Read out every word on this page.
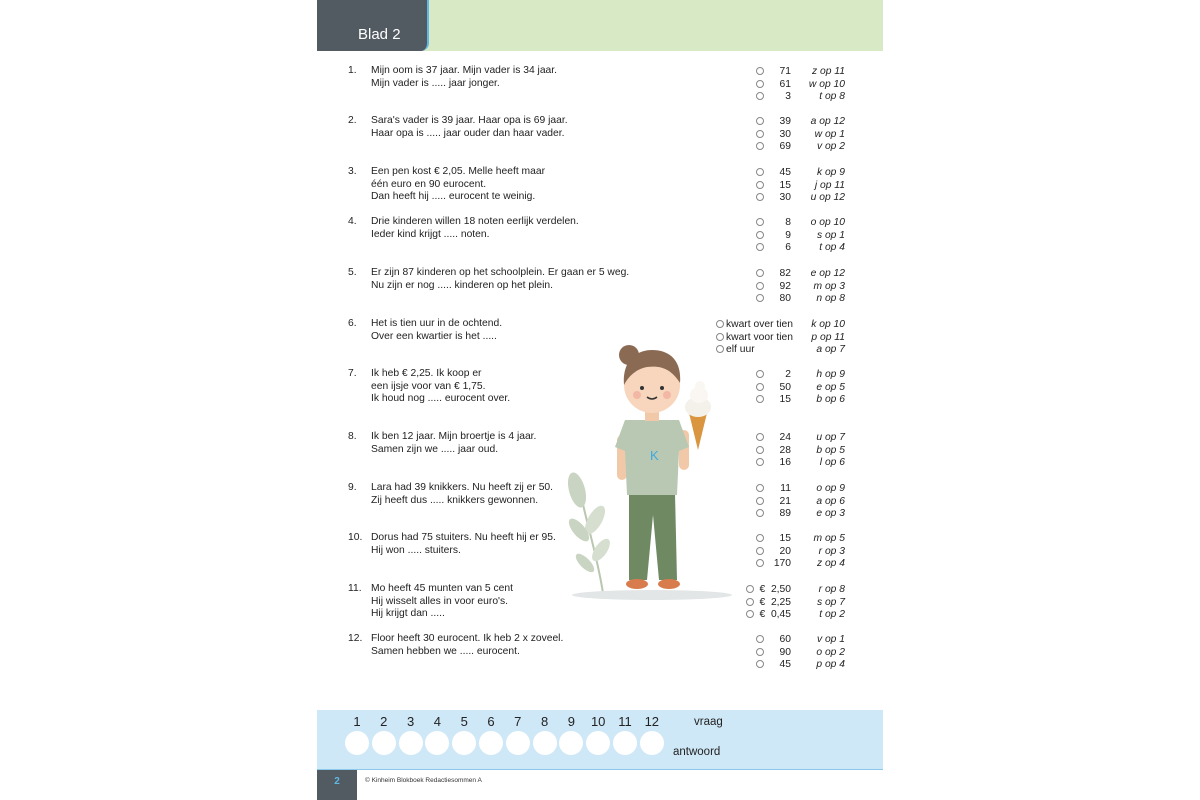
Blad 2
1.	Mijn oom is 37 jaar. Mijn vader is 34 jaar.
Mijn vader is ..... jaar jonger.
71 z op 11
61 w op 10
3	t op 8
2.	Sara's vader is 39 jaar. Haar opa is 69 jaar.
Haar opa is ..... jaar ouder dan haar vader.
39 a op 12
30 w op 1
69	v op 2
3.	Een pen kost € 2,05. Melle heeft maar
één euro en 90 eurocent.
Dan heeft hij ..... eurocent te weinig.
45	k op 9
15 j op 11
30 u op 12
4.	Drie kinderen willen 18 noten eerlijk verdelen.
Ieder kind krijgt ..... noten.
8 o op 10
9	s op 1
6	t op 4
5.	Er zijn 87 kinderen op het schoolplein. Er gaan er 5 weg.
Nu zijn er nog ..... kinderen op het plein.
82 e op 12
92 m op 3
80 n op 8
6.	Het is tien uur in de ochtend.
Over een kwartier is het .....
kwart over tien k op 10
kwart voor tien p op 11
elf uur	a op 7
7.	Ik heb € 2,25. Ik koop er
een ijsje voor van € 1,75.
Ik houd nog ..... eurocent over.
2 h op 9
50 e op 5
15 b op 6
8.	Ik ben 12 jaar. Mijn broertje is 4 jaar.
Samen zijn we ..... jaar oud.
24 u op 7
28 b op 5
16	l op 6
9.	Lara had 39 knikkers. Nu heeft zij er 50.
Zij heeft dus ..... knikkers gewonnen.
11 o op 9
21 a op 6
89 e op 3
10. Dorus had 75 stuiters. Nu heeft hij er 95.
Hij won ..... stuiters.
15 m op 5
20	r op 3
170	z op 4
11. Mo heeft 45 munten van 5 cent
Hij wisselt alles in voor euro's.
Hij krijgt dan .....
€  2,50	r op 8
€  2,25	s op 7
€  0,45	t op 2
12. Floor heeft 30 eurocent. Ik heb 2 x zoveel.
Samen hebben we ..... eurocent.
60	v op 1
90 o op 2
45 p op 4
K
1	2	3	4	5	6	7	8	9	10 11 12	vraag
antwoord
2	© Kinheim Blokboek Redactiesommen A
